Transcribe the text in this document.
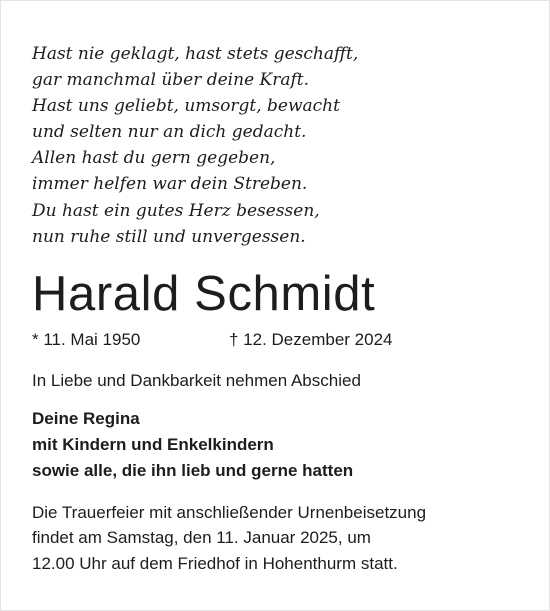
Hast nie geklagt, hast stets geschafft,
gar manchmal über deine Kraft.
Hast uns geliebt, umsorgt, bewacht
und selten nur an dich gedacht.
Allen hast du gern gegeben,
immer helfen war dein Streben.
Du hast ein gutes Herz besessen,
nun ruhe still und unvergessen.
Harald Schmidt
* 11. Mai 1950	† 12. Dezember 2024
In Liebe und Dankbarkeit nehmen Abschied
Deine Regina
mit Kindern und Enkelkindern
sowie alle, die ihn lieb und gerne hatten
Die Trauerfeier mit anschließender Urnenbeisetzung
findet am Samstag, den 11. Januar 2025, um
12.00 Uhr auf dem Friedhof in Hohenthurm statt.
